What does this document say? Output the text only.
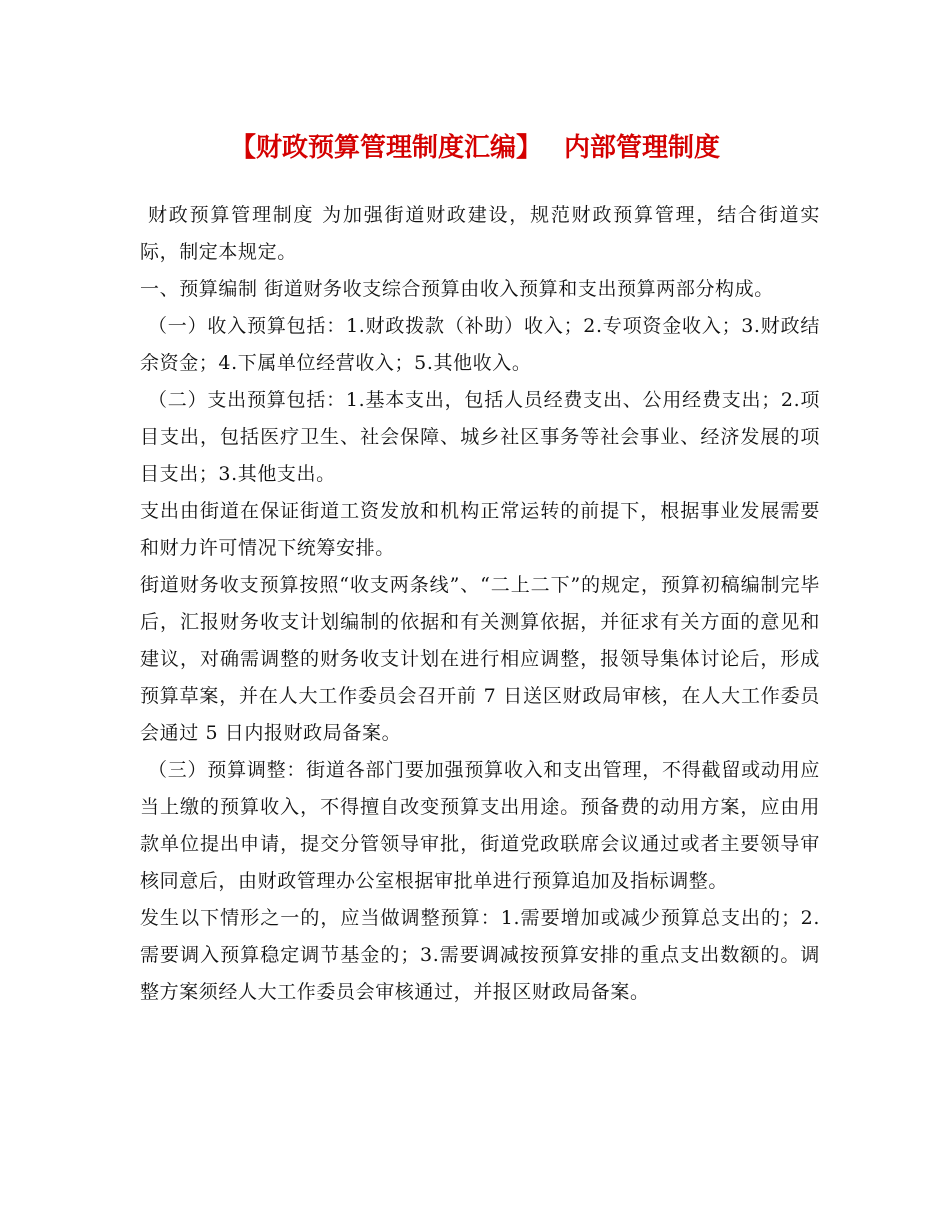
【财政预算管理制度汇编】 内部管理制度

财政预算管理制度 为加强街道财政建设，规范财政预算管理，结合街道实际，制定本规定。

一、预算编制 街道财务收支综合预算由收入预算和支出预算两部分构成。

（一）收入预算包括：1.财政拨款（补助）收入；2.专项资金收入；3.财政结余资金；4.下属单位经营收入；5.其他收入。

（二）支出预算包括：1.基本支出，包括人员经费支出、公用经费支出；2.项目支出，包括医疗卫生、社会保障、城乡社区事务等社会事业、经济发展的项目支出；3.其他支出。

支出由街道在保证街道工资发放和机构正常运转的前提下，根据事业发展需要和财力许可情况下统筹安排。

街道财务收支预算按照“收支两条线”、“二上二下”的规定，预算初稿编制完毕后，汇报财务收支计划编制的依据和有关测算依据，并征求有关方面的意见和建议，对确需调整的财务收支计划在进行相应调整，报领导集体讨论后，形成预算草案，并在人大工作委员会召开前 7 日送区财政局审核，在人大工作委员会通过 5 日内报财政局备案。

（三）预算调整：街道各部门要加强预算收入和支出管理，不得截留或动用应当上缴的预算收入，不得擅自改变预算支出用途。预备费的动用方案，应由用款单位提出申请，提交分管领导审批，街道党政联席会议通过或者主要领导审核同意后，由财政管理办公室根据审批单进行预算追加及指标调整。

发生以下情形之一的，应当做调整预算：1.需要增加或减少预算总支出的；2.需要调入预算稳定调节基金的；3.需要调减按预算安排的重点支出数额的。调整方案须经人大工作委员会审核通过，并报区财政局备案。
